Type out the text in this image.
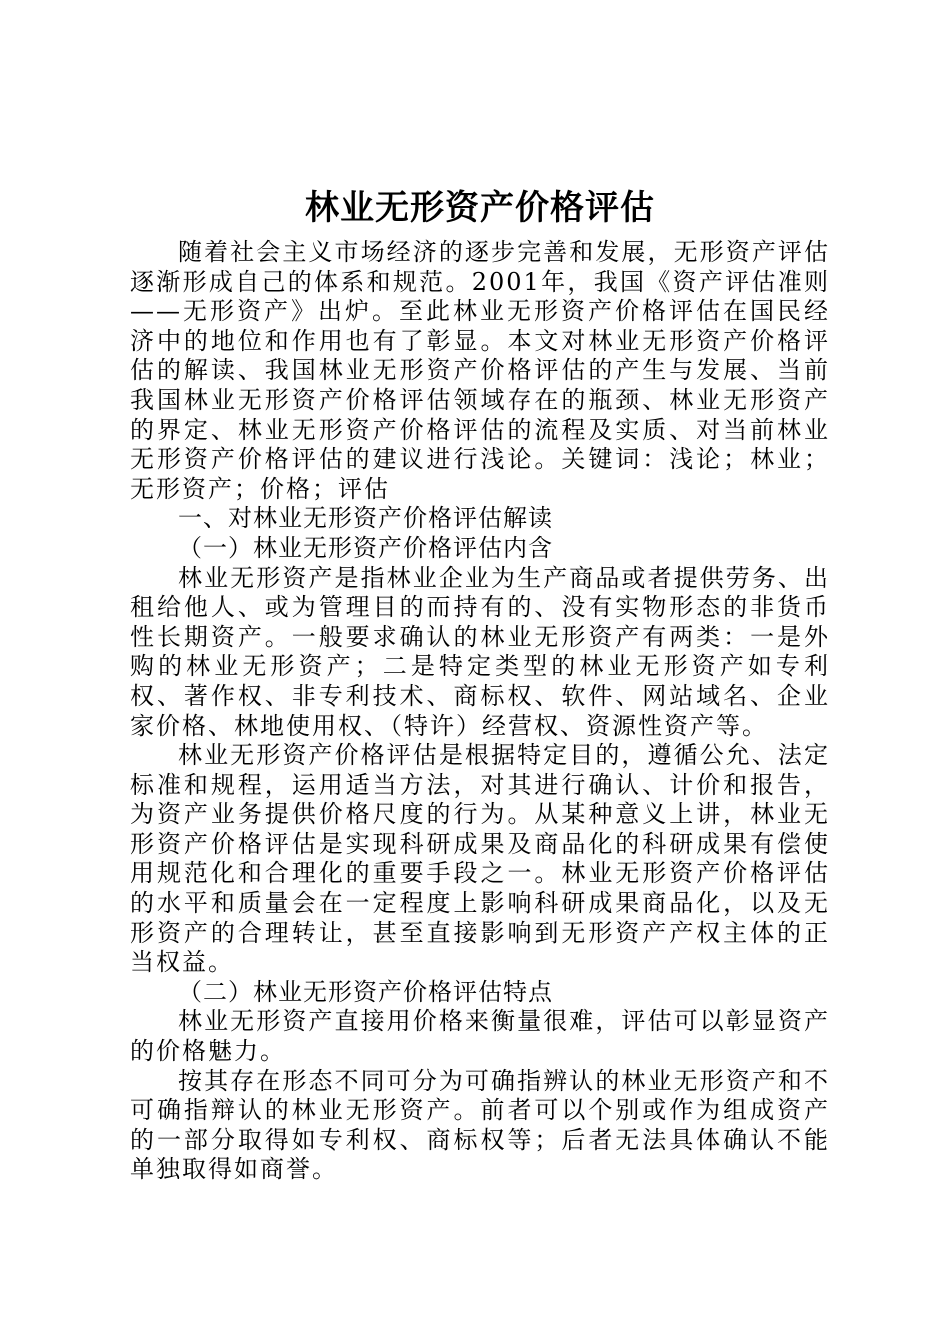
林业无形资产价格评估

随着社会主义市场经济的逐步完善和发展，无形资产评估逐渐形成自己的体系和规范。2001年，我国《资产评估准则——无形资产》出炉。至此林业无形资产价格评估在国民经济中的地位和作用也有了彰显。本文对林业无形资产价格评估的解读、我国林业无形资产价格评估的产生与发展、当前我国林业无形资产价格评估领域存在的瓶颈、林业无形资产的界定、林业无形资产价格评估的流程及实质、对当前林业无形资产价格评估的建议进行浅论。关键词：浅论；林业；无形资产；价格；评估

一、对林业无形资产价格评估解读

（一）林业无形资产价格评估内含

林业无形资产是指林业企业为生产商品或者提供劳务、出租给他人、或为管理目的而持有的、没有实物形态的非货币性长期资产。一般要求确认的林业无形资产有两类：一是外购的林业无形资产；二是特定类型的林业无形资产如专利权、著作权、非专利技术、商标权、软件、网站域名、企业家价格、林地使用权、（特许）经营权、资源性资产等。

林业无形资产价格评估是根据特定目的，遵循公允、法定标准和规程，运用适当方法，对其进行确认、计价和报告，为资产业务提供价格尺度的行为。从某种意义上讲，林业无形资产价格评估是实现科研成果及商品化的科研成果有偿使用规范化和合理化的重要手段之一。林业无形资产价格评估的水平和质量会在一定程度上影响科研成果商品化，以及无形资产的合理转让，甚至直接影响到无形资产产权主体的正当权益。

（二）林业无形资产价格评估特点

林业无形资产直接用价格来衡量很难，评估可以彰显资产的价格魅力。

按其存在形态不同可分为可确指辨认的林业无形资产和不可确指辩认的林业无形资产。前者可以个别或作为组成资产的一部分取得如专利权、商标权等；后者无法具体确认不能单独取得如商誉。
